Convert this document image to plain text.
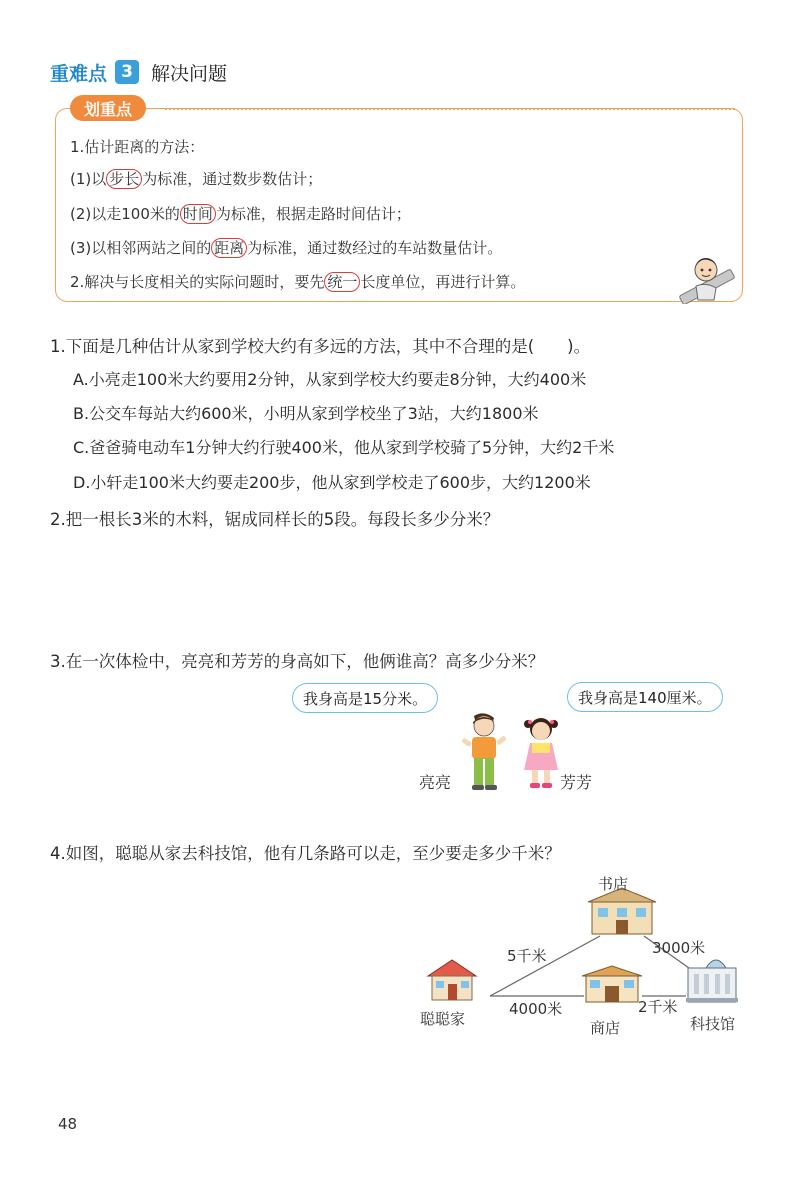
重难点 3 解决问题
划重点
1.估计距离的方法：
(1)以 步长 为标准，通过数步数估计；
(2)以走100米的 时间 为标准，根据走路时间估计；
(3)以相邻两站之间的 距离 为标准，通过数经过的车站数量估计。
2.解决与长度相关的实际问题时，要先 统一 长度单位，再进行计算。
1.下面是几种估计从家到学校大约有多远的方法，其中不合理的是(　　)。
A.小亮走100米大约要用2分钟，从家到学校大约要走8分钟，大约400米
B.公交车每站大约600米，小明从家到学校坐了3站，大约1800米
C.爸爸骑电动车1分钟大约行驶400米，他从家到学校骑了5分钟，大约2千米
D.小轩走100米大约要走200步，他从家到学校走了600步，大约1200米
2.把一根长3米的木料，锯成同样长的5段。每段长多少分米？
3.在一次体检中，亮亮和芳芳的身高如下，他俩谁高？高多少分米？
我身高是15分米。	我身高是140厘米。
亮亮	芳芳
4.如图，聪聪从家去科技馆，他有几条路可以走，至少要走多少千米？
书店
聪聪家	商店	科技馆
5千米	3000米
4000米	2千米
48
